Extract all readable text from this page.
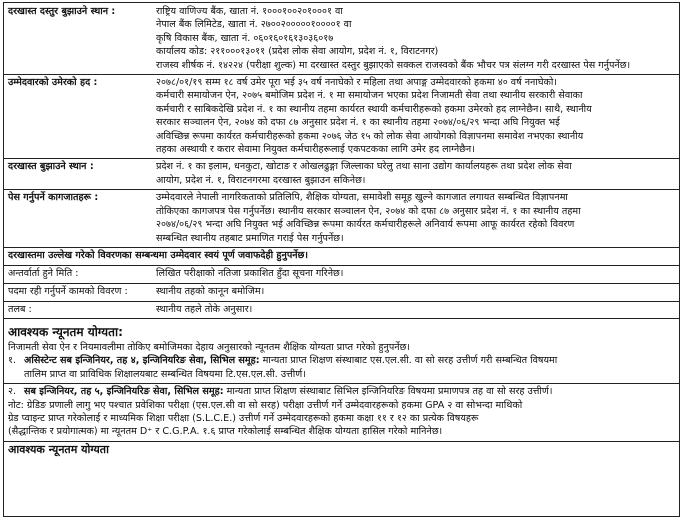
दरखास्त दस्तुर बुझाउने स्थान :	राष्ट्रिय वाणिज्य बैंक, खाता नं. १०००१००२०१०००१ वा
नेपाल बैंक लिमिटेड, खाता नं. २७००२०००००१००००१ वा
कृषि विकास बैंक, खाता नं. ०६०१६०१६१३०३६०१७
कार्यालय कोड: २११०००१३०११ (प्रदेश लोक सेवा आयोग, प्रदेश नं. १, विराटनगर)
राजस्व शीर्षक नं. १४२२४ (परीक्षा शुल्क) मा दरखास्त दस्तुर बुझाएको सक्कल राजस्वको बैंक भौचर पत्र संलग्न गरी दरखास्त पेस गर्नुपर्नेछ।
उम्मेदवारको उमेरको हद :	२०७८/०१/१९ सम्म १८ वर्ष उमेर पूरा भई ३५ वर्ष ननाघेको र महिला तथा अपाङ्ग उम्मेदवारको हकमा ४० वर्ष ननाघेको।
कर्मचारी समायोजन ऐन, २०७५ बमोजिम प्रदेश नं. १ मा समायोजन भएका प्रदेश निजामती सेवा तथा स्थानीय सरकारी सेवाका
कर्मचारी र साबिकदेखि प्रदेश नं. १ का स्थानीय तहमा कार्यरत स्थायी कर्मचारीहरूको हकमा उमेरको हद लाग्नेछैन। साथै, स्थानीय
सरकार सञ्चालन ऐन, २०७४ को दफा ८७ अनुसार प्रदेश नं. १ का स्थानीय तहमा २०७४/०६/२९ भन्दा अघि नियुक्त भई
अविच्छिन्न रूपमा कार्यरत कर्मचारीहरूको हकमा २०७६ जेठ १५ को लोक सेवा आयोगको विज्ञापनमा समावेश नभएका स्थानीय
तहका अस्थायी र करार सेवामा नियुक्त कर्मचारीहरूलाई एकपटकका लागि उमेर हद लाग्नेछैन।
दरखास्त बुझाउने स्थान :	प्रदेश नं. १ का इलाम, धनकुटा, खोटाङ र ओखलढुङ्गा जिल्लाका घरेलु तथा साना उद्योग कार्यालयहरू तथा प्रदेश लोक सेवा
आयोग, प्रदेश नं. १, विराटनगरमा दरखास्त बुझाउन सकिनेछ।
पेस गर्नुपर्ने कागजातहरू :	उम्मेदवारले नेपाली नागरिकताको प्रतिलिपि, शैक्षिक योग्यता, समावेशी समूह खुल्ने कागजात लगायत सम्बन्धित विज्ञापनमा
तोकिएका कागजपत्र पेस गर्नुपर्नेछ। स्थानीय सरकार सञ्चालन ऐन, २०७४ को दफा ८७ अनुसार प्रदेश नं. १ का स्थानीय तहमा
२०७४/०६/२९ भन्दा अघि नियुक्त भई अविच्छिन्न रूपमा कार्यरत कर्मचारीहरूले अनिवार्य रूपमा आफू कार्यरत रहेको विवरण
सम्बन्धित स्थानीय तहबाट प्रमाणित गराई पेस गर्नुपर्नेछ।
दरखास्तमा उल्लेख गरेको विवरणका सम्बन्धमा उम्मेदवार स्वयं पूर्ण जवाफदेही हुनुपर्नेछ।
अन्तर्वार्ता हुने मिति :	लिखित परीक्षाको नतिजा प्रकाशित हुँदा सूचना गरिनेछ।
पदमा रही गर्नुपर्ने कामको विवरण :	स्थानीय तहको कानून बमोजिम।
तलब :	स्थानीय तहले तोके अनुसार।
आवश्यक न्यूनतम योग्यता:
निजामती सेवा ऐन र नियमावलीमा तोकिए बमोजिमका देहाय अनुसारको न्यूनतम शैक्षिक योग्यता प्राप्त गरेको हुनुपर्नेछ।
१. असिस्टेन्ट सब इन्जिनियर, तह ४, इन्जिनियरिङ सेवा, सिभिल समूह: मान्यता प्राप्त शिक्षण संस्थाबाट एस.एल.सी. वा सो सरह उत्तीर्ण गरी सम्बन्धित विषयमा
तालिम प्राप्त वा प्राविधिक शिक्षालयबाट सम्बन्धित विषयमा टि.एस.एल.सी. उत्तीर्ण।
२. सब इन्जिनियर, तह ५, इन्जिनियरिङ सेवा, सिभिल समूह: मान्यता प्राप्त शिक्षण संस्थाबाट सिभिल इन्जिनियरिङ विषयमा प्रमाणपत्र तह वा सो सरह उत्तीर्ण।
नोट: ग्रेडिङ प्रणाली लागु भए पश्चात प्रवेशिका परीक्षा (एस.एल.सी वा सो सरह) परीक्षा उत्तीर्ण गर्ने उम्मेदवारहरूको हकमा GPA २ वा सोभन्दा माथिको
ग्रेड प्वाइन्ट प्राप्त गरेकोलाई र माध्यमिक शिक्षा परीक्षा (S.L.C.E.) उत्तीर्ण गर्ने उम्मेदवारहरूको हकमा कक्षा ११ र १२ का प्रत्येक विषयहरू
(सैद्धान्तिक र प्रयोगात्मक) मा न्यूनतम D⁺ र C.G.P.A. १.६ प्राप्त गरेकोलाई सम्बन्धित शैक्षिक योग्यता हासिल गरेको मानिनेछ।
आवश्यक न्यूनतम योग्यता
